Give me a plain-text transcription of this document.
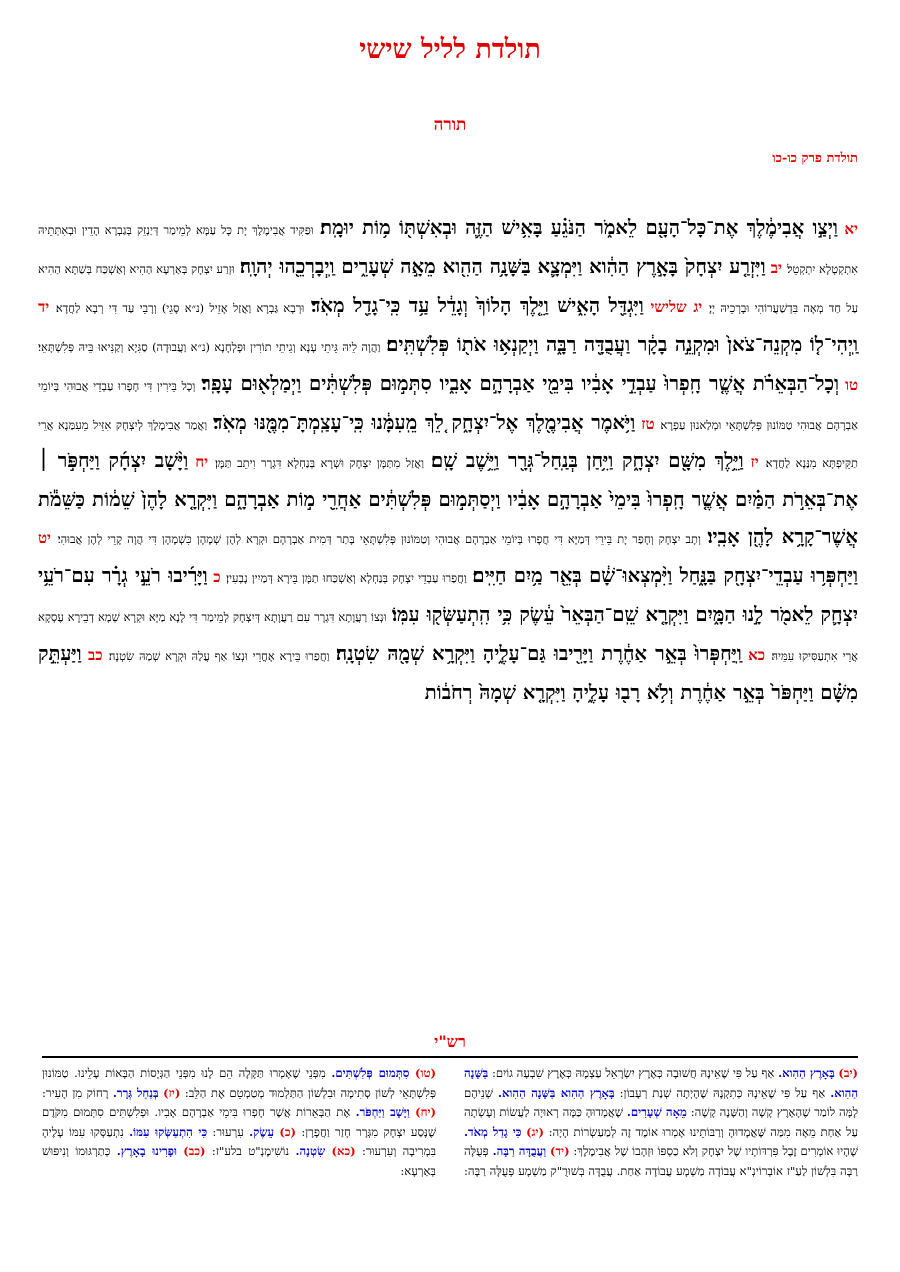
תולדת לליל שישי
תורה
תולדת פרק כו-כו
יא וַיְצַ֣ו אֲבִימֶ֔לֶךְ אֶת־כָּל־הָעָ֖ם לֵאמֹ֑ר הַנֹּגֵ֗עַ בָּאִ֥ישׁ הַזֶּ֛ה וּבְאִשְׁתּ֖וֹ מ֥וֹת יוּמָֽת׃ וּפַקִּיד אֲבִימֶלֶךְ יָת כָּל עַמָּא לְמֵימַר דְּיַנְזֵק בְּגַבְרָא הָדֵין וּבְאִתְּתֵיהּ אִתְקְטָלָא יִתְקְטֵל׃ יב וַיִּזְרַ֤ע יִצְחָק֙ בָּאָ֣רֶץ הַהִ֔וא וַיִּמְצָ֛א בַּשָּׁנָ֥ה הַהִ֖וא מֵאָ֣ה שְׁעָרִ֑ים וַֽיְבָרְכֵ֖הוּ יְהוָֽה׃ וּזְרַע יִצְחָק בְּאַרְעָא הַהִיא וְאַשְׁכַּח בְּשַׁתָּא הַהִיא עַל חַד מְאָה בִּדְשַׁעֲרוֹהִי וּבָרְכֵיהּ יְיָ׃ יג שלישי וַיִּגְדַּ֖ל הָאִ֑ישׁ וַיֵּ֤לֶךְ הָלוֹךְ֙ וְגָדֵ֔ל עַ֥ד כִּֽי־גָדַ֖ל מְאֹֽד׃ וּרְבָא גַּבְרָא וַאֲזַל אָזֵיל (נ״א סָגֵי) וְרָבֵי עַד דִּי רְבָא לַחֲדָא׃ יד וַֽיְהִי־ל֤וֹ מִקְנֵה־צֹאן֙ וּמִקְנֵ֣ה בָקָ֔ר וַעֲבֻדָּ֖ה רַבָּ֑ה וַיְקַנְא֥וּ אֹת֖וֹ פְּלִשְׁתִּֽים׃ וַהֲוָה לֵיהּ גֵּיתֵי עָנָא וְגֵיתֵי תוֹרִין וּפָלְחָנָא (נ״א וַעֲבוּדָה) סַגִּיָא וְקַנִּיאוּ בֵּיהּ פְּלִשְׁתָּאֵי׃ טו וְכָל־הַבְּאֵרֹ֗ת אֲשֶׁ֤ר חָֽפְרוּ֙ עַבְדֵ֣י אָבִ֔יו בִּימֵ֖י אַבְרָהָ֣ם אָבִ֑יו סִתְּמ֣וּם פְּלִשְׁתִּ֔ים וַיְמַלְא֖וּם עָפָֽר׃ וְכָל בֵּירִין דִּי חָפָרוּ עַבְדֵי אֲבוּהִי בְּיוֹמֵי אַבְרָהָם אֲבוּהִי טַמּוֹנוּן פְּלִשְׁתָּאֵי וּמְלַאנוּן עַפְרָא׃ טז וַיֹּ֥אמֶר אֲבִימֶ֖לֶךְ אֶל־יִצְחָ֑ק לֵ֚ךְ מֵֽעִמָּ֔נוּ כִּֽי־עָצַֽמְתָּ־מִמֶּ֖נּוּ מְאֹֽד׃ וַאֲמַר אֲבִימֶלֶךְ לְיִצְחָק אִזֵּיל מֵעִמַּנָא אֲרֵי תַקֵּיפְתָּא מִנַּנָא לַחֲדָא׃ יז וַיֵּ֥לֶךְ מִשָּׁ֖ם יִצְחָ֑ק וַיִּ֥חַן בְּנַֽחַל־גְּרָ֖ר וַיֵּ֥שֶׁב שָֽׁם׃ וַאֲזַל מִתַּמָּן יִצְחָק וּשְׁרָא בְּנַחְלָא דִּגְרָר וִיתֵב תַּמָּן׃ יח וַיָּ֨שָׁב יִצְחָ֜ק וַיַּחְפֹּ֣ר ׀ אֶת־בְּאֵרֹ֣ת הַמַּ֗יִם אֲשֶׁ֤ר חָֽפְרוּ֙ בִּימֵי֙ אַבְרָהָ֣ם אָבִ֔יו וַיְסַתְּמ֣וּם פְּלִשְׁתִּ֔ים אַחֲרֵ֖י מ֣וֹת אַבְרָהָ֑ם וַיִּקְרָ֤א לָהֶן֙ שֵׁמ֔וֹת כַּשֵּׁמֹ֕ת אֲשֶׁר־קָרָ֥א לָהֶ֖ן אָבִֽיו׃ וְתָב יִצְחָק וְחָפַר יָת בֵּירֵי דְּמַיָּא דִּי חֲפָרוּ בְּיוֹמֵי אַבְרָהָם אֲבוּהִי וְטַמּוֹנוּן פְּלִשְׁתָּאֵי בָּתַר דְּמִית אַבְרָהָם וּקְרָא לְהֶן שְׁמָהָן כִּשְׁמָהָן דִּי הֲוָה קָרֵי לְהֶן אֲבוּהִי׃ יט וַיַּחְפְּר֥וּ עַבְדֵֽי־יִצְחָ֖ק בַּנָּ֑חַל וַיִּ֨מְצְאוּ־שָׁ֔ם בְּאֵ֖ר מַ֥יִם חַיִּֽים׃ וַחֲפַרוּ עַבְדֵי יִצְחָק בְּנַחְלָא וְאַשְׁכַּחוּ תַמָּן בֵּירָא דְּמַיִין נָבְעִין׃ כ וַיָּרִ֜יבוּ רֹעֵ֣י גְרָ֗ר עִם־רֹעֵ֥י יִצְחָ֛ק לֵאמֹ֖ר לָ֣נוּ הַמָּ֑יִם וַיִּקְרָ֤א שֵֽׁם־הַבְּאֵר֙ עֵ֔שֶׂק כִּ֥י הִֽתְעַשְּׂק֖וּ עִמּֽוֹ׃ וּנְצוֹ רַעֲוָתָא דִּגְרָר עִם רַעֲוָתָא דְּיִצְחָק לְמֵימַר דִּי לָנָא מַיָּא וּקְרָא שְׁמָא דְבֵירָא עֶסְקָא אֲרֵי אִתְעַסִּיקוּ עִמֵּיהּ׃ כא וַֽיַּחְפְּרוּ֙ בְּאֵ֣ר אַחֶ֔רֶת וַיָּרִ֖יבוּ גַּם־עָלֶ֑יהָ וַיִּקְרָ֥א שְׁמָ֖הּ שִׂטְנָֽה׃ וַחֲפַרוּ בֵּירָא אָחֳרֵי וּנְצוֹ אַף עֲלַהּ וּקְרָא שְׁמַהּ שִׂטְנָה׃ כב וַיַּעְתֵּ֣ק מִשָּׁ֗ם וַיַּחְפֹּר֙ בְּאֵ֣ר אַחֶ֔רֶת וְלֹ֥א רָב֖וּ עָלֶ֑יהָ וַיִּקְרָ֤א שְׁמָהּ֙ רְחֹב֔וֹת
רש"י

(יב) בָּאָרֶץ הַהִוא. אַף עַל פִּי שֶׁאֵינָהּ חֲשׁוּבָה כְּאֶרֶץ יִשְׂרָאֵל עַצְמָהּ כְּאֶרֶץ שִׁבְעָה גוֹיִם: בַּשָּׁנָה הַהִוא. אַף עַל פִּי שֶׁאֵינָהּ כְּתִקְנָהּ שֶׁהָיְתָה שְׁנַת רְעָבוֹן: בָּאָרֶץ הַהִוא בַּשָּׁנָה הַהִוא. שְׁנֵיהֶם לָמָּה לוֹמַר שֶׁהָאָרֶץ קָשָׁה וְהַשָּׁנָה קָשָׁה: מֵאָה שְׁעָרִים. שֶׁאֲמָדוּהָ כַּמָּה רְאוּיָה לַעֲשׂוֹת וְעָשְׂתָה עַל אַחַת מֵאָה מִמַּה שֶּׁאֲמָדוּהָ וְרַבּוֹתֵינוּ אָמְרוּ אוֹמֶד זֶה לְמַעַשְׂרוֹת הָיָה: (יג) כִּי גָדַל מְאֹד. שֶׁהָיוּ אוֹמְרִים זֶבֶל פִּרְדּוֹתָיו שֶׁל יִצְחָק וְלֹא כַסְפּוֹ וּזְהָבוֹ שֶׁל אֲבִימֶלֶךְ: (יד) וַעֲבֻדָּה רַבָּה. פְּעֻלָּה רַבָּה בִּלְשׁוֹן לַעַ"ז אוֹבְרוֹינְ"א עֲבוֹדָה מַשְׁמָע עֲבוֹדָה אַחַת. עֲבֻדָּה בְּשׁוּרֻ"ק מַשְׁמָע פְּעֻלָּה רַבָּה: (טו) סִתְּמוּם פְּלִשְׁתִּים. מִפְּנֵי שֶׁאָמְרוּ תַּקָּלָה הֵם לָנוּ מִפְּנֵי הַגְּיָסוֹת הַבָּאוֹת עָלֵינוּ. טַמּוֹנוּן פְּלִשְׁתָּאֵי לְשׁוֹן סְתִימָה וּבִלְשׁוֹן הַתַּלְמוּד מְטַמְטֵם אֶת הַלֵּב: (יז) בְּנַחַל גְּרָר. רָחוֹק מִן הָעִיר: (יח) וַיָּשָׁב וַיַּחְפֹּר. אֶת הַבְּאֵרוֹת אֲשֶׁר חָפְרוּ בִּימֵי אַבְרָהָם אָבִיו. וּפְלִשְׁתִּים סִתְּמוּם מִקֹּדֶם שֶׁנָּסַע יִצְחָק מִגְּרָר חָזַר וַחֲפָרָן: (כ) עֵשֶׂק. עִרְעוּר: כִּי הִתְעַשְּׂקוּ עִמּוֹ. נִתְעַסְּקוּ עִמּוֹ עָלֶיהָ בִּמְרִיבָה וְעִרְעוּר: (כא) שִׂטְנָה. נוֹשִׁימֶנְ"ט בלע"ז: (כב) וּפָרִינוּ בָאָרֶץ. כְּתַרְגּוּמוֹ וְנִיפּוּשׁ בְּאַרְעָא:
